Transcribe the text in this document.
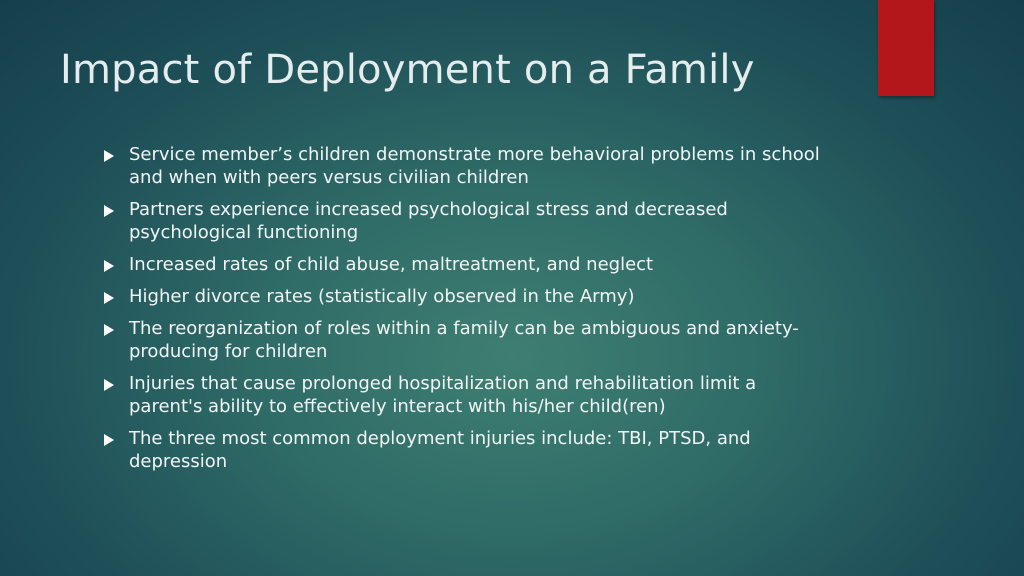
Impact of Deployment on a Family
Service member’s children demonstrate more behavioral problems in school and when with peers versus civilian children
Partners experience increased psychological stress and decreased psychological functioning
Increased rates of child abuse, maltreatment, and neglect
Higher divorce rates (statistically observed in the Army)
The reorganization of roles within a family can be ambiguous and anxiety-producing for children
Injuries that cause prolonged hospitalization and rehabilitation limit a parent's ability to effectively interact with his/her child(ren)
The three most common deployment injuries include: TBI, PTSD, and depression
